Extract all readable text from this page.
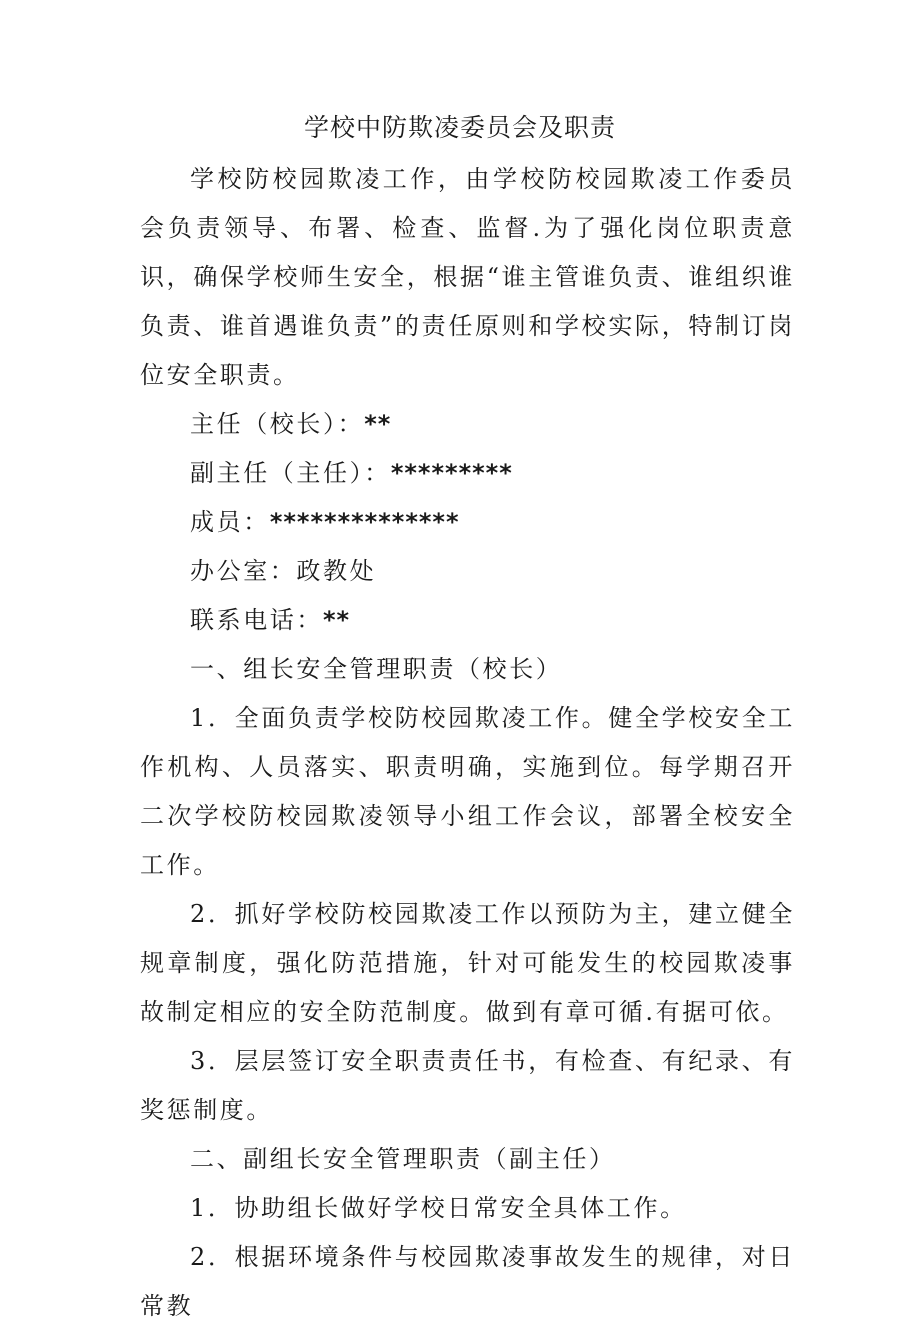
学校中防欺凌委员会及职责

学校防校园欺凌工作，由学校防校园欺凌工作委员会负责领导、布署、检查、监督.为了强化岗位职责意识，确保学校师生安全，根据“谁主管谁负责、谁组织谁负责、谁首遇谁负责”的责任原则和学校实际，特制订岗位安全职责。

主任（校长）：**

副主任（主任）：*********

成员：**************

办公室：政教处

联系电话：**

一、组长安全管理职责（校长）

1．全面负责学校防校园欺凌工作。健全学校安全工作机构、人员落实、职责明确，实施到位。每学期召开二次学校防校园欺凌领导小组工作会议，部署全校安全工作。

2．抓好学校防校园欺凌工作以预防为主，建立健全规章制度，强化防范措施，针对可能发生的校园欺凌事故制定相应的安全防范制度。做到有章可循.有据可依。

3．层层签订安全职责责任书，有检查、有纪录、有奖惩制度。

二、副组长安全管理职责（副主任）

1．协助组长做好学校日常安全具体工作。

2．根据环境条件与校园欺凌事故发生的规律，对日常教
